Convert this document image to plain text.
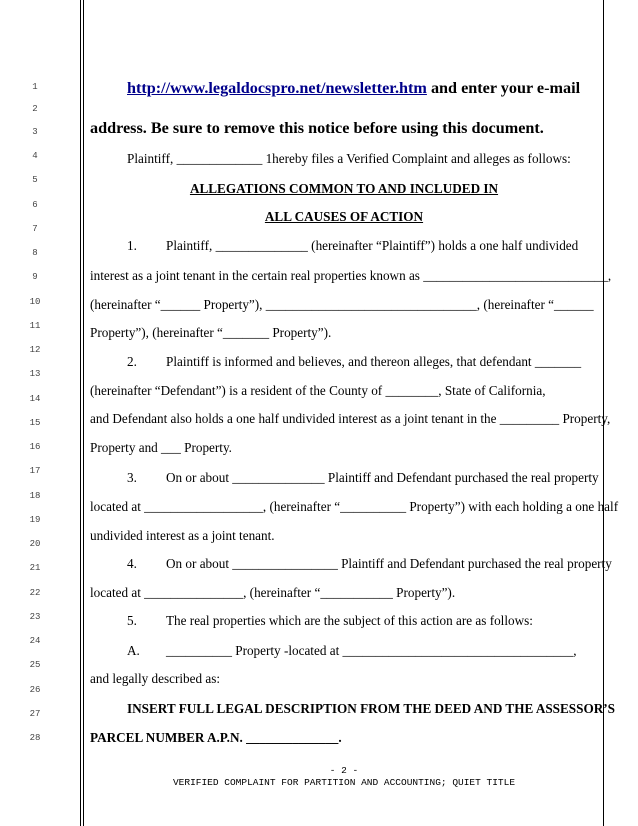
1
2
3
4
5
6
7
8
9
10
11
12
13
14
15
16
17
18
19
20
21
22
23
24
25
26
27
28
http://www.legaldocspro.net/newsletter.htm and enter your e-mail
address. Be sure to remove this notice before using this document.
Plaintiff, _____________ 1hereby files a Verified Complaint and alleges as follows:
ALLEGATIONS COMMON TO AND INCLUDED IN
ALL CAUSES OF ACTION
1. Plaintiff, ______________ (hereinafter “Plaintiff”) holds a one half undivided
interest as a joint tenant in the certain real properties known as ____________________________,
(hereinafter “______ Property”), ________________________________, (hereinafter “______
Property”), (hereinafter “_______ Property”).
2. Plaintiff is informed and believes, and thereon alleges, that defendant _______
(hereinafter “Defendant”) is a resident of the County of ________, State of California,
and Defendant also holds a one half undivided interest as a joint tenant in the _________ Property,
Property and ___ Property.
3. On or about ______________ Plaintiff and Defendant purchased the real property
located at __________________, (hereinafter “__________ Property”) with each holding a one half
undivided interest as a joint tenant.
4. On or about ________________ Plaintiff and Defendant purchased the real property
located at _______________, (hereinafter “___________ Property”).
5. The real properties which are the subject of this action are as follows:
A. __________ Property -located at ___________________________________,
and legally described as:
INSERT FULL LEGAL DESCRIPTION FROM THE DEED AND THE ASSESSOR’S
PARCEL NUMBER A.P.N. ______________.
- 2 -
VERIFIED COMPLAINT FOR PARTITION AND ACCOUNTING; QUIET TITLE
